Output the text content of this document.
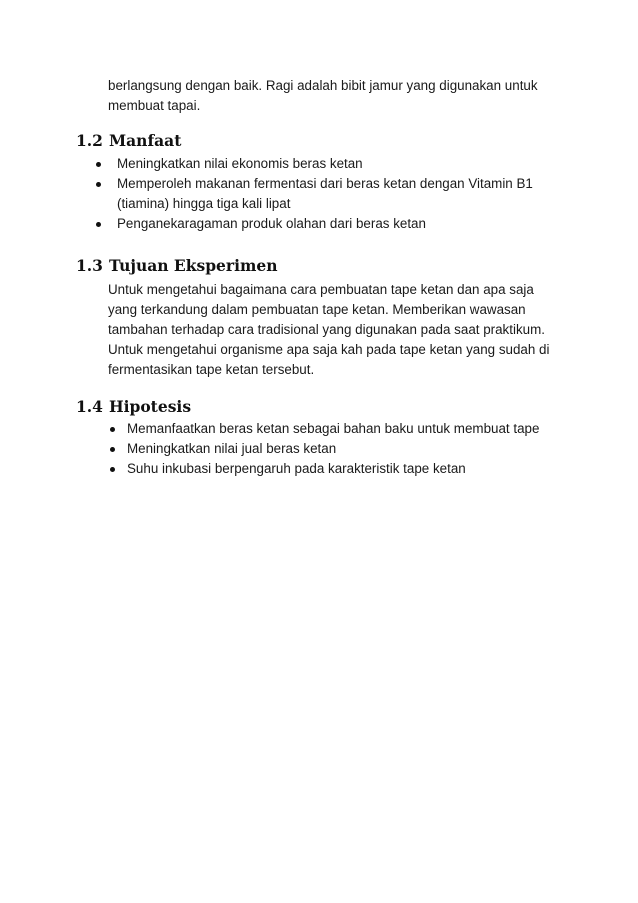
berlangsung dengan baik. Ragi adalah bibit jamur yang digunakan untuk
membuat tapai.
1.2 Manfaat
Meningkatkan nilai ekonomis beras ketan
Memperoleh makanan fermentasi dari beras ketan dengan Vitamin B1
(tiamina) hingga tiga kali lipat
Penganekaragaman produk olahan dari beras ketan
1.3 Tujuan Eksperimen
Untuk mengetahui bagaimana cara pembuatan tape ketan dan apa saja
yang terkandung dalam pembuatan tape ketan. Memberikan wawasan
tambahan terhadap cara tradisional yang digunakan pada saat praktikum.
Untuk mengetahui organisme apa saja kah pada tape ketan yang sudah di
fermentasikan tape ketan tersebut.
1.4 Hipotesis
Memanfaatkan beras ketan sebagai bahan baku untuk membuat tape
Meningkatkan nilai jual beras ketan
Suhu inkubasi berpengaruh pada karakteristik tape ketan
